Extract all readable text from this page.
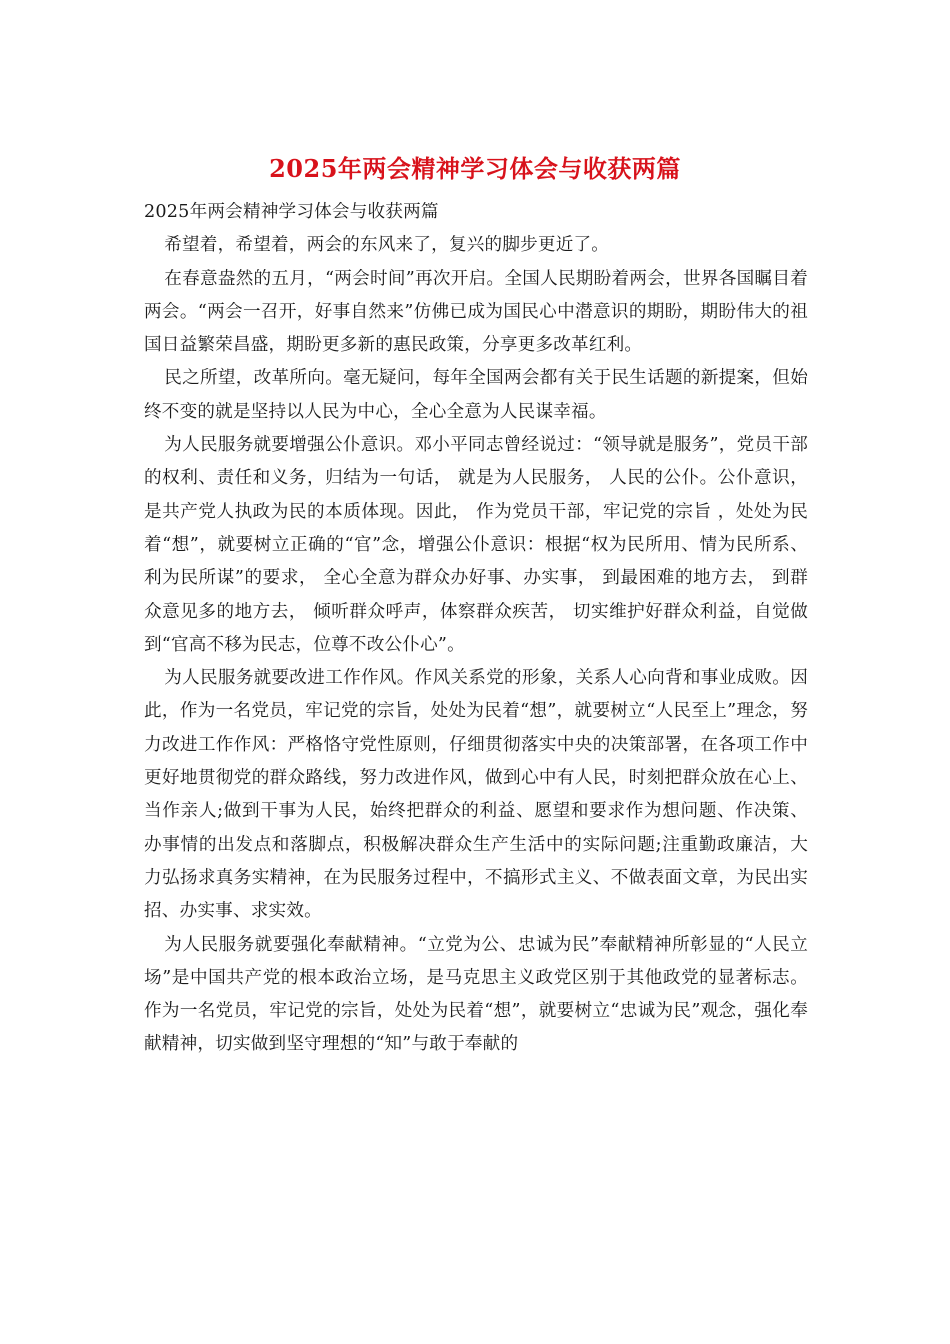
2025年两会精神学习体会与收获两篇

2025年两会精神学习体会与收获两篇

希望着，希望着，两会的东风来了，复兴的脚步更近了。

在春意盎然的五月，“两会时间”再次开启。全国人民期盼着两会，世界各国瞩目着两会。“两会一召开，好事自然来”仿佛已成为国民心中潜意识的期盼，期盼伟大的祖国日益繁荣昌盛，期盼更多新的惠民政策，分享更多改革红利。

民之所望，改革所向。毫无疑问，每年全国两会都有关于民生话题的新提案，但始终不变的就是坚持以人民为中心，全心全意为人民谋幸福。

为人民服务就要增强公仆意识。邓小平同志曾经说过：“领导就是服务”，党员干部的权利、责任和义务，归结为一句话， 就是为人民服务， 人民的公仆。公仆意识， 是共产党人执政为民的本质体现。因此， 作为党员干部，牢记党的宗旨 ，处处为民着“想”，就要树立正确的“官”念，增强公仆意识：根据“权为民所用、情为民所系、利为民所谋”的要求， 全心全意为群众办好事、办实事， 到最困难的地方去， 到群众意见多的地方去， 倾听群众呼声，体察群众疾苦， 切实维护好群众利益，自觉做到“官高不移为民志，位尊不改公仆心”。

为人民服务就要改进工作作风。作风关系党的形象，关系人心向背和事业成败。因此，作为一名党员，牢记党的宗旨，处处为民着“想”，就要树立“人民至上”理念，努力改进工作作风：严格恪守党性原则，仔细贯彻落实中央的决策部署，在各项工作中更好地贯彻党的群众路线，努力改进作风，做到心中有人民，时刻把群众放在心上、当作亲人;做到干事为人民，始终把群众的利益、愿望和要求作为想问题、作决策、办事情的出发点和落脚点，积极解决群众生产生活中的实际问题;注重勤政廉洁，大力弘扬求真务实精神，在为民服务过程中，不搞形式主义、不做表面文章，为民出实招、办实事、求实效。

为人民服务就要强化奉献精神。“立党为公、忠诚为民”奉献精神所彰显的“人民立场”是中国共产党的根本政治立场，是马克思主义政党区别于其他政党的显著标志。作为一名党员，牢记党的宗旨，处处为民着“想”，就要树立“忠诚为民”观念，强化奉献精神，切实做到坚守理想的“知”与敢于奉献的
